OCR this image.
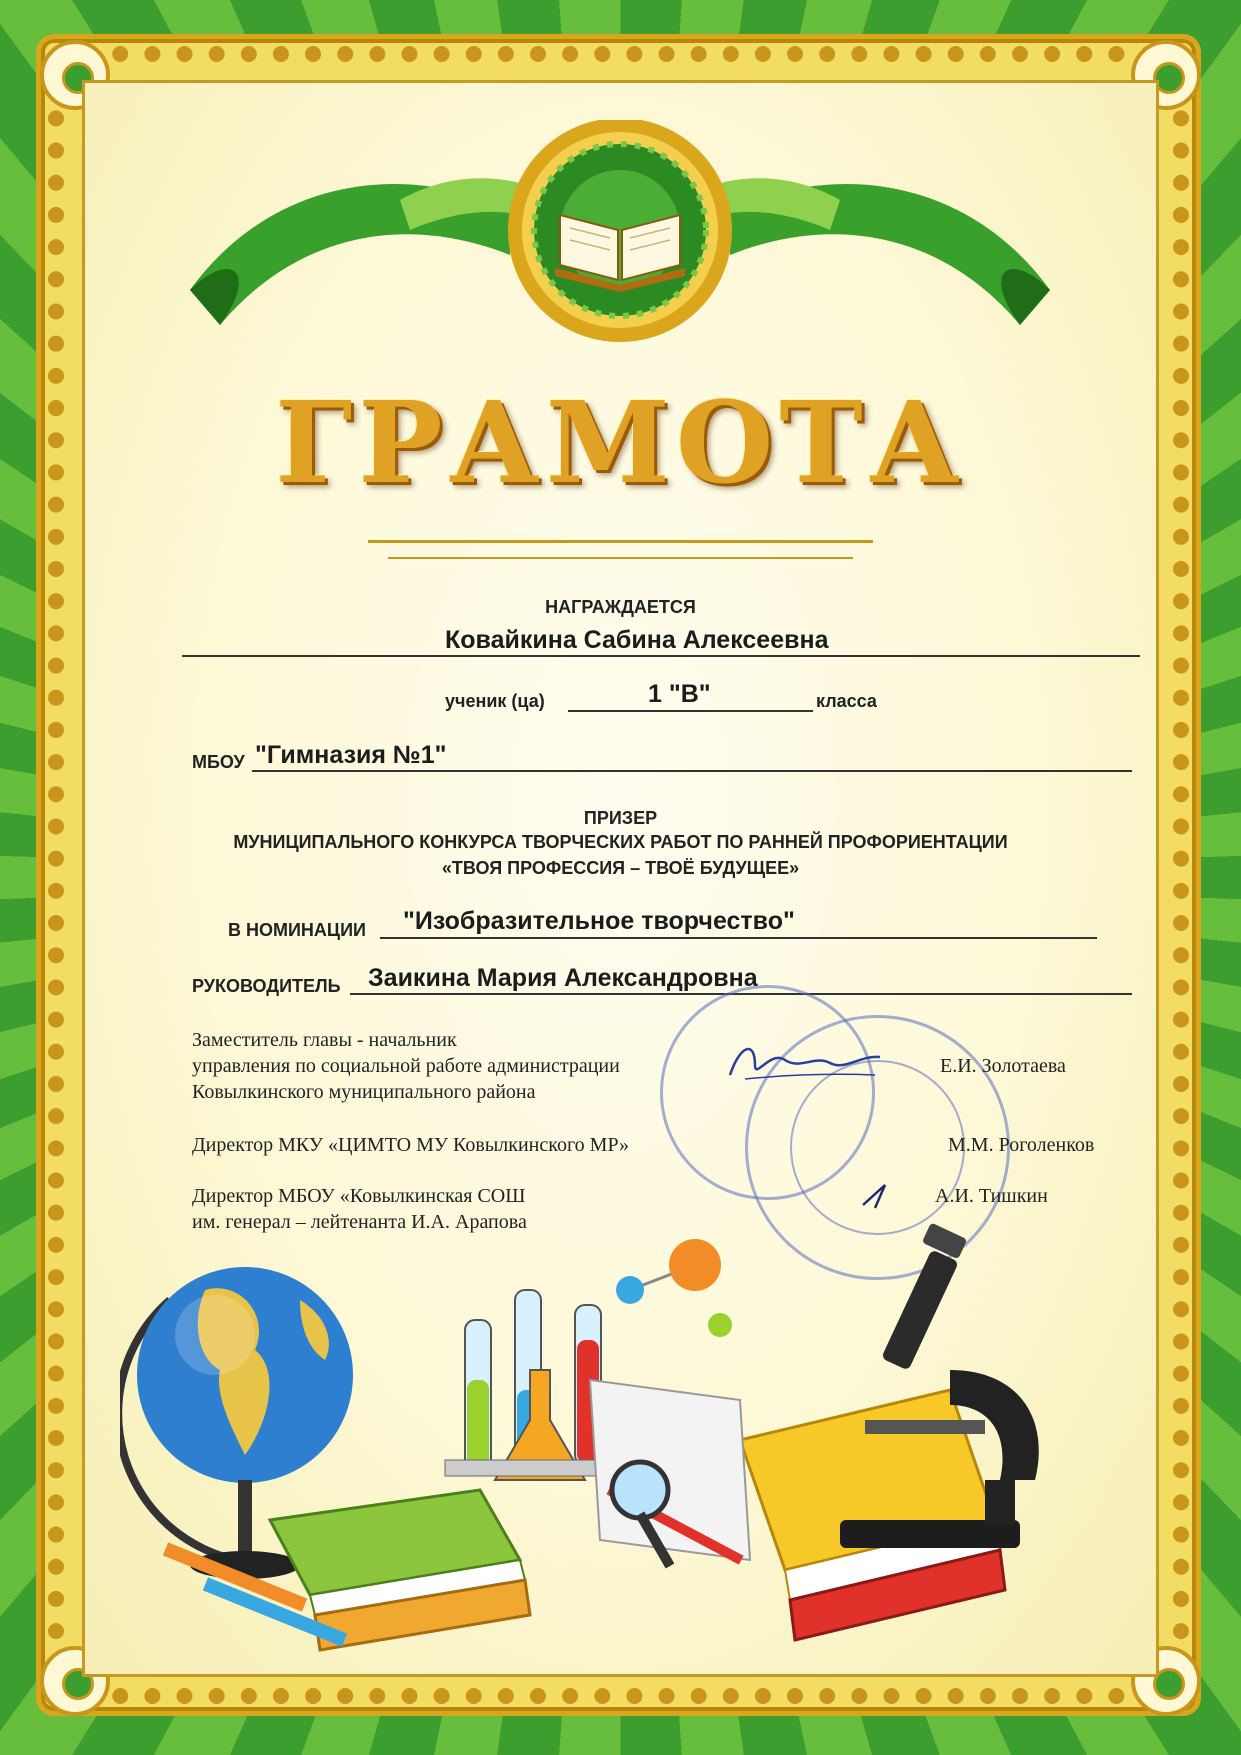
ГРАМОТА
НАГРАЖДАЕТСЯ
Ковайкина Сабина Алексеевна
ученик (ца)	1 "В"	класса
МБОУ "Гимназия №1"
ПРИЗЕР
МУНИЦИПАЛЬНОГО КОНКУРСА ТВОРЧЕСКИХ РАБОТ ПО РАННЕЙ ПРОФОРИЕНТАЦИИ
«ТВОЯ ПРОФЕССИЯ – ТВОЁ БУДУЩЕЕ»
В НОМИНАЦИИ "Изобразительное творчество"
РУКОВОДИТЕЛЬ Заикина Мария Александровна
Заместитель главы - начальник
управления по социальной работе администрации
Ковылкинского муниципального района
Е.И. Золотаева
Директор МКУ «ЦИМТО МУ Ковылкинского МР»	М.М. Роголенков
Директор МБОУ «Ковылкинская СОШ
им. генерал – лейтенанта И.А. Арапова
А.И. Тишкин
